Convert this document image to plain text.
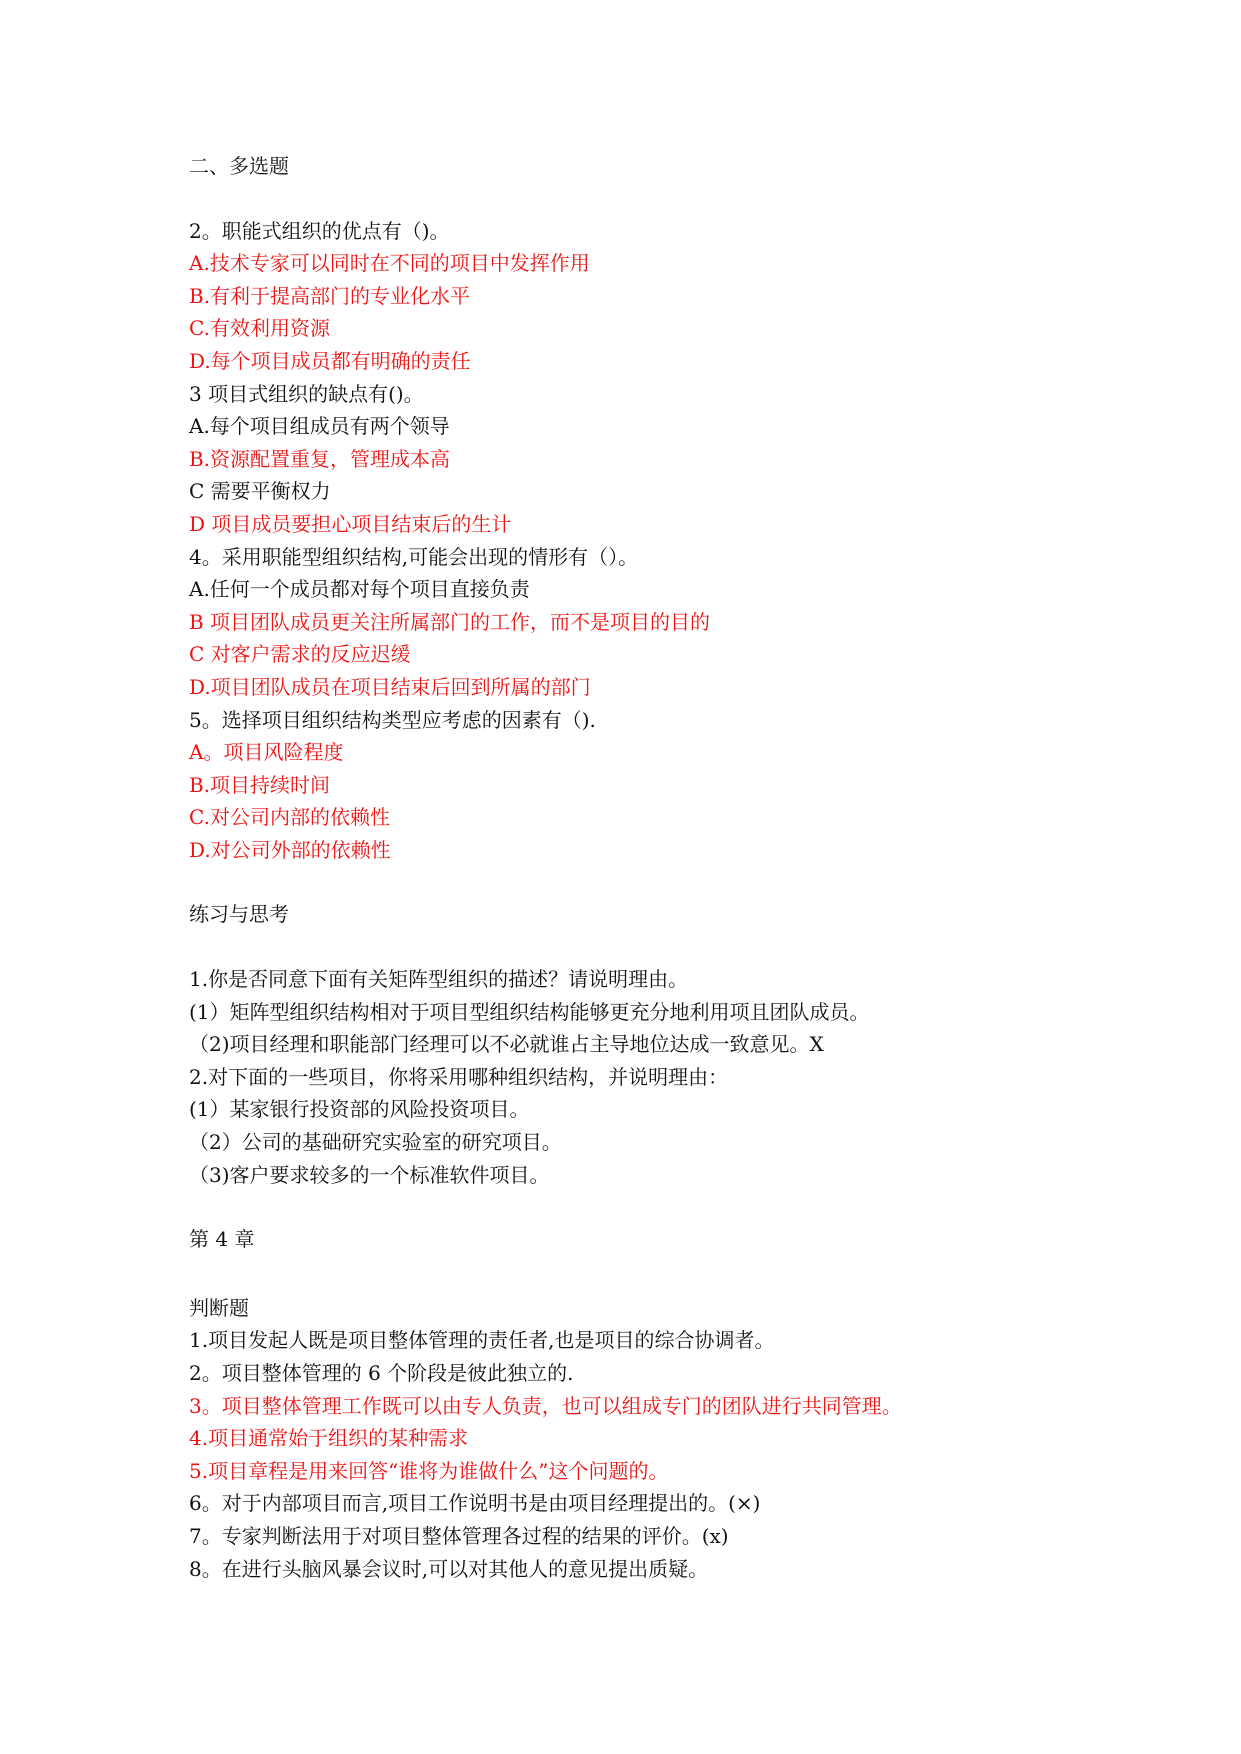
二、多选题
2。职能式组织的优点有（)。
A.技术专家可以同时在不同的项目中发挥作用
B.有利于提高部门的专业化水平
C.有效利用资源
D.每个项目成员都有明确的责任
3 项目式组织的缺点有()。
A.每个项目组成员有两个领导
B.资源配置重复，管理成本高
C 需要平衡权力
D 项目成员要担心项目结束后的生计
4。采用职能型组织结构,可能会出现的情形有（）。
A.任何一个成员都对每个项目直接负责
B 项目团队成员更关注所属部门的工作，而不是项目的目的
C 对客户需求的反应迟缓
D.项目团队成员在项目结束后回到所属的部门
5。选择项目组织结构类型应考虑的因素有（).
A。项目风险程度
B.项目持续时间
C.对公司内部的依赖性
D.对公司外部的依赖性
练习与思考
1.你是否同意下面有关矩阵型组织的描述？请说明理由。
(1）矩阵型组织结构相对于项目型组织结构能够更充分地利用项且团队成员。
（2)项目经理和职能部门经理可以不必就谁占主导地位达成一致意见。X
2.对下面的一些项目，你将采用哪种组织结构，并说明理由：
(1）某家银行投资部的风险投资项目。
（2）公司的基础研究实验室的研究项目。
（3)客户要求较多的一个标准软件项目。
第 4 章
判断题
1.项目发起人既是项目整体管理的责任者,也是项目的综合协调者。
2。项目整体管理的 6 个阶段是彼此独立的.
3。项目整体管理工作既可以由专人负责，也可以组成专门的团队进行共同管理。
4.项目通常始于组织的某种需求
5.项目章程是用来回答“谁将为谁做什么”这个问题的。
6。对于内部项目而言,项目工作说明书是由项目经理提出的。(×)
7。专家判断法用于对项目整体管理各过程的结果的评价。(x)
8。在进行头脑风暴会议时,可以对其他人的意见提出质疑。
